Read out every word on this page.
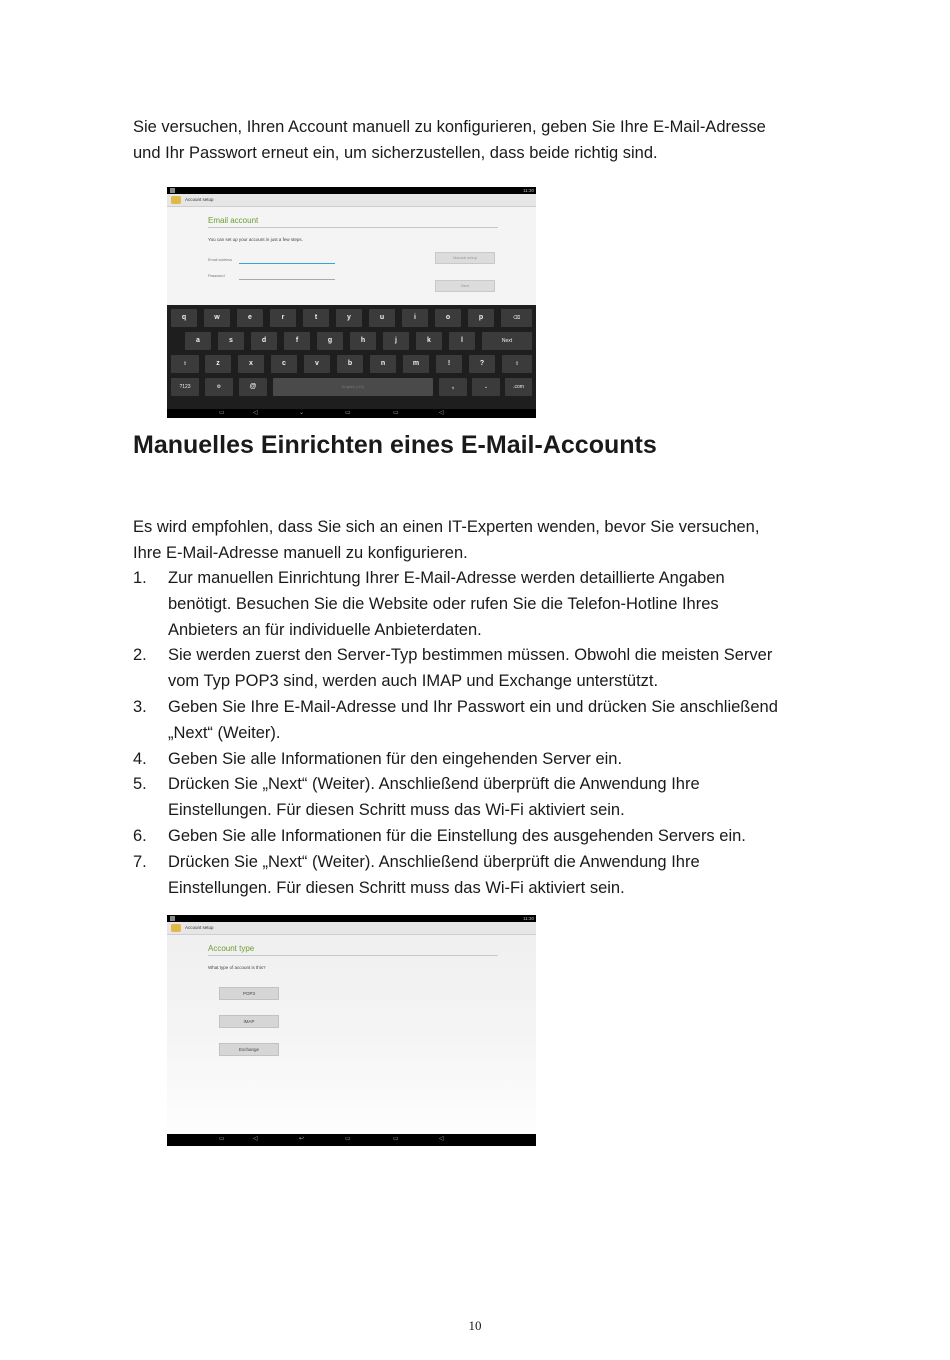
Sie versuchen, Ihren Account manuell zu konfigurieren, geben Sie Ihre E-Mail-Adresse
und Ihr Passwort erneut ein, um sicherzustellen, dass beide richtig sind.

11:30
Account setup
Email account
You can set up your account in just a few steps.
Email address
Password
Manual setup
Next
q	w	e	r	t	y	u	i	o	p	⌫
a	s	d	f	g	h	j	k	l	Next
⇧	z	x	c	v	b	n	m	!	?	⇧
?123	⚙	@	English (US)	,	.	.com
▭	◁	⌄	▭	▭	◁
Manuelles Einrichten eines E-Mail-Accounts

Es wird empfohlen, dass Sie sich an einen IT-Experten wenden, bevor Sie versuchen,
Ihre E-Mail-Adresse manuell zu konfigurieren.

1. Zur manuellen Einrichtung Ihrer E-Mail-Adresse werden detaillierte Angaben
benötigt. Besuchen Sie die Website oder rufen Sie die Telefon-Hotline Ihres
Anbieters an für individuelle Anbieterdaten.
2. Sie werden zuerst den Server-Typ bestimmen müssen. Obwohl die meisten Server
vom Typ POP3 sind, werden auch IMAP und Exchange unterstützt.
3. Geben Sie Ihre E-Mail-Adresse und Ihr Passwort ein und drücken Sie anschließend
„Next“ (Weiter).
4. Geben Sie alle Informationen für den eingehenden Server ein.
5. Drücken Sie „Next“ (Weiter). Anschließend überprüft die Anwendung Ihre
Einstellungen. Für diesen Schritt muss das Wi-Fi aktiviert sein.
6. Geben Sie alle Informationen für die Einstellung des ausgehenden Servers ein.
7. Drücken Sie „Next“ (Weiter). Anschließend überprüft die Anwendung Ihre
Einstellungen. Für diesen Schritt muss das Wi-Fi aktiviert sein.
11:30
Account setup
Account type
What type of account is this?
POP3
IMAP
Exchange
▭	◁	↩	▭	▭	◁
10
